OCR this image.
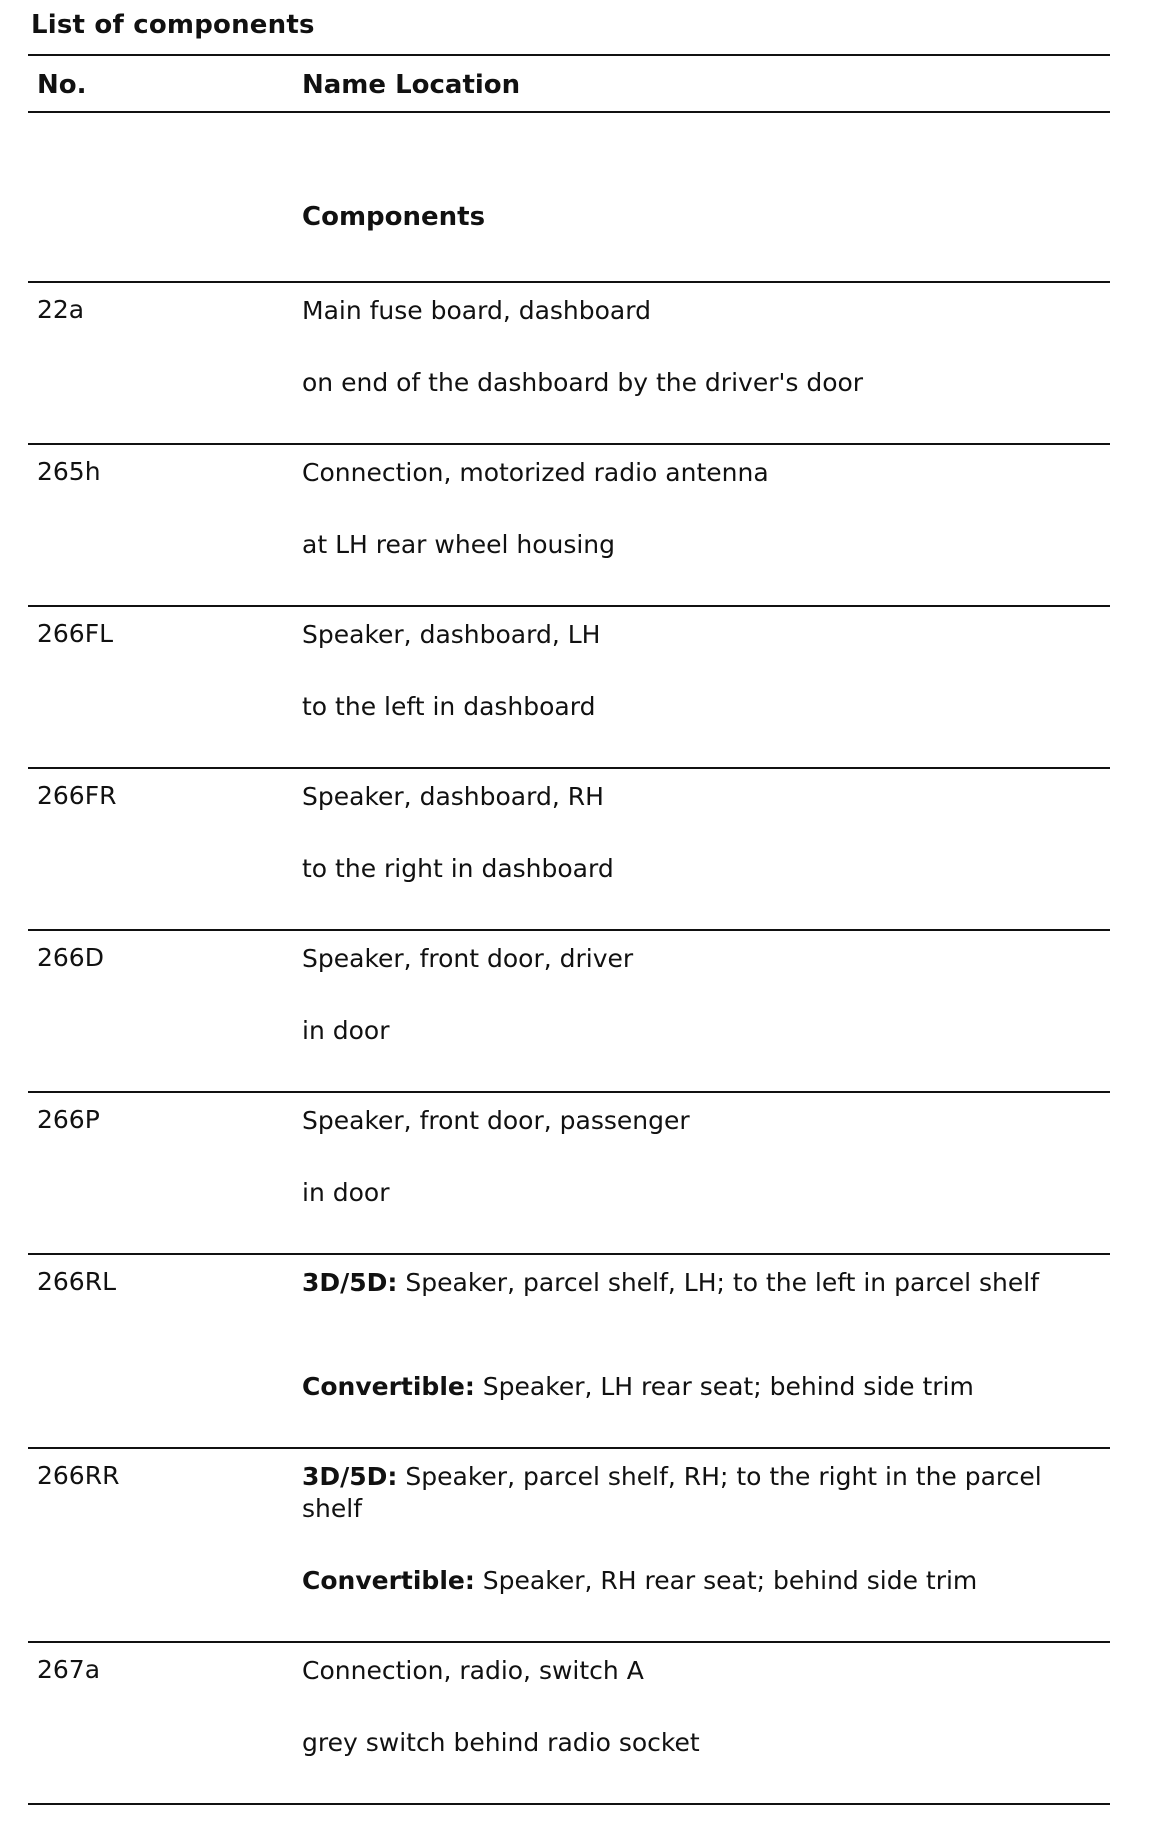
List of components
No.	Name Location
Components
22a	Main fuse board, dashboard
on end of the dashboard by the driver's door
265h	Connection, motorized radio antenna
at LH rear wheel housing
266FL	Speaker, dashboard, LH
to the left in dashboard
266FR	Speaker, dashboard, RH
to the right in dashboard
266D	Speaker, front door, driver
in door
266P	Speaker, front door, passenger
in door
266RL	3D/5D: Speaker, parcel shelf, LH; to the left in parcel shelf
Convertible: Speaker, LH rear seat; behind side trim
266RR	3D/5D: Speaker, parcel shelf, RH; to the right in the parcel shelf
Convertible: Speaker, RH rear seat; behind side trim
267a	Connection, radio, switch A
grey switch behind radio socket
